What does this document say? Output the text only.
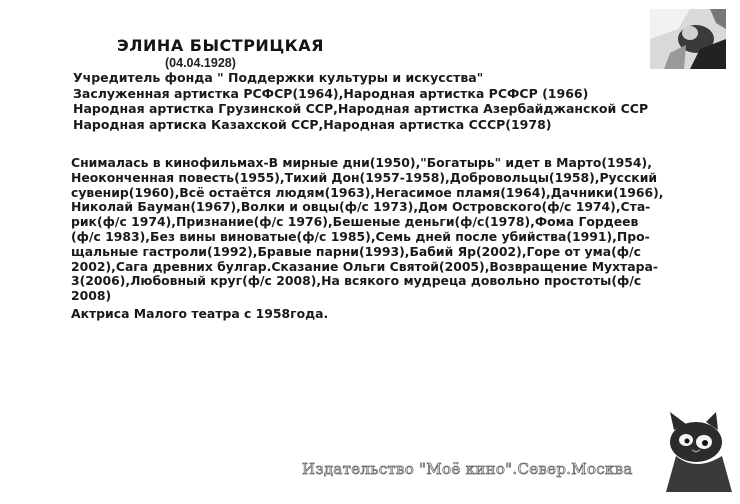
ЭЛИНА БЫСТРИЦКАЯ
(04.04.1928)
Учредитель фонда " Поддержки культуры и искусства"
Заслуженная артистка РСФСР(1964),Народная артистка РСФСР (1966)
Народная артистка Грузинской ССР,Народная артистка Азербайджанской ССР
Народная артиска Казахской ССР,Народная артистка СССР(1978)
Снималась в кинофильмах-В мирные дни(1950),"Богатырь" идет в Марто(1954),
Неоконченная повесть(1955),Тихий Дон(1957-1958),Добровольцы(1958),Русский
сувенир(1960),Всё остаётся людям(1963),Негасимое пламя(1964),Дачники(1966),
Николай Бауман(1967),Волки и овцы(ф/с 1973),Дом Островского(ф/с 1974),Ста-
рик(ф/с 1974),Признание(ф/с 1976),Бешеные деньги(ф/с(1978),Фома Гордеев
(ф/с 1983),Без вины виноватые(ф/с 1985),Семь дней после убийства(1991),Про-
щальные гастроли(1992),Бравые парни(1993),Бабий Яр(2002),Горе от ума(ф/с
2002),Сага древних булгар.Сказание Ольги Святой(2005),Возвращение Мухтара-
3(2006),Любовный круг(ф/с 2008),На всякого мудреца довольно простоты(ф/с
2008)
Актриса Малого театра с 1958года.
Издательство "Моё кино".Север.Москва
